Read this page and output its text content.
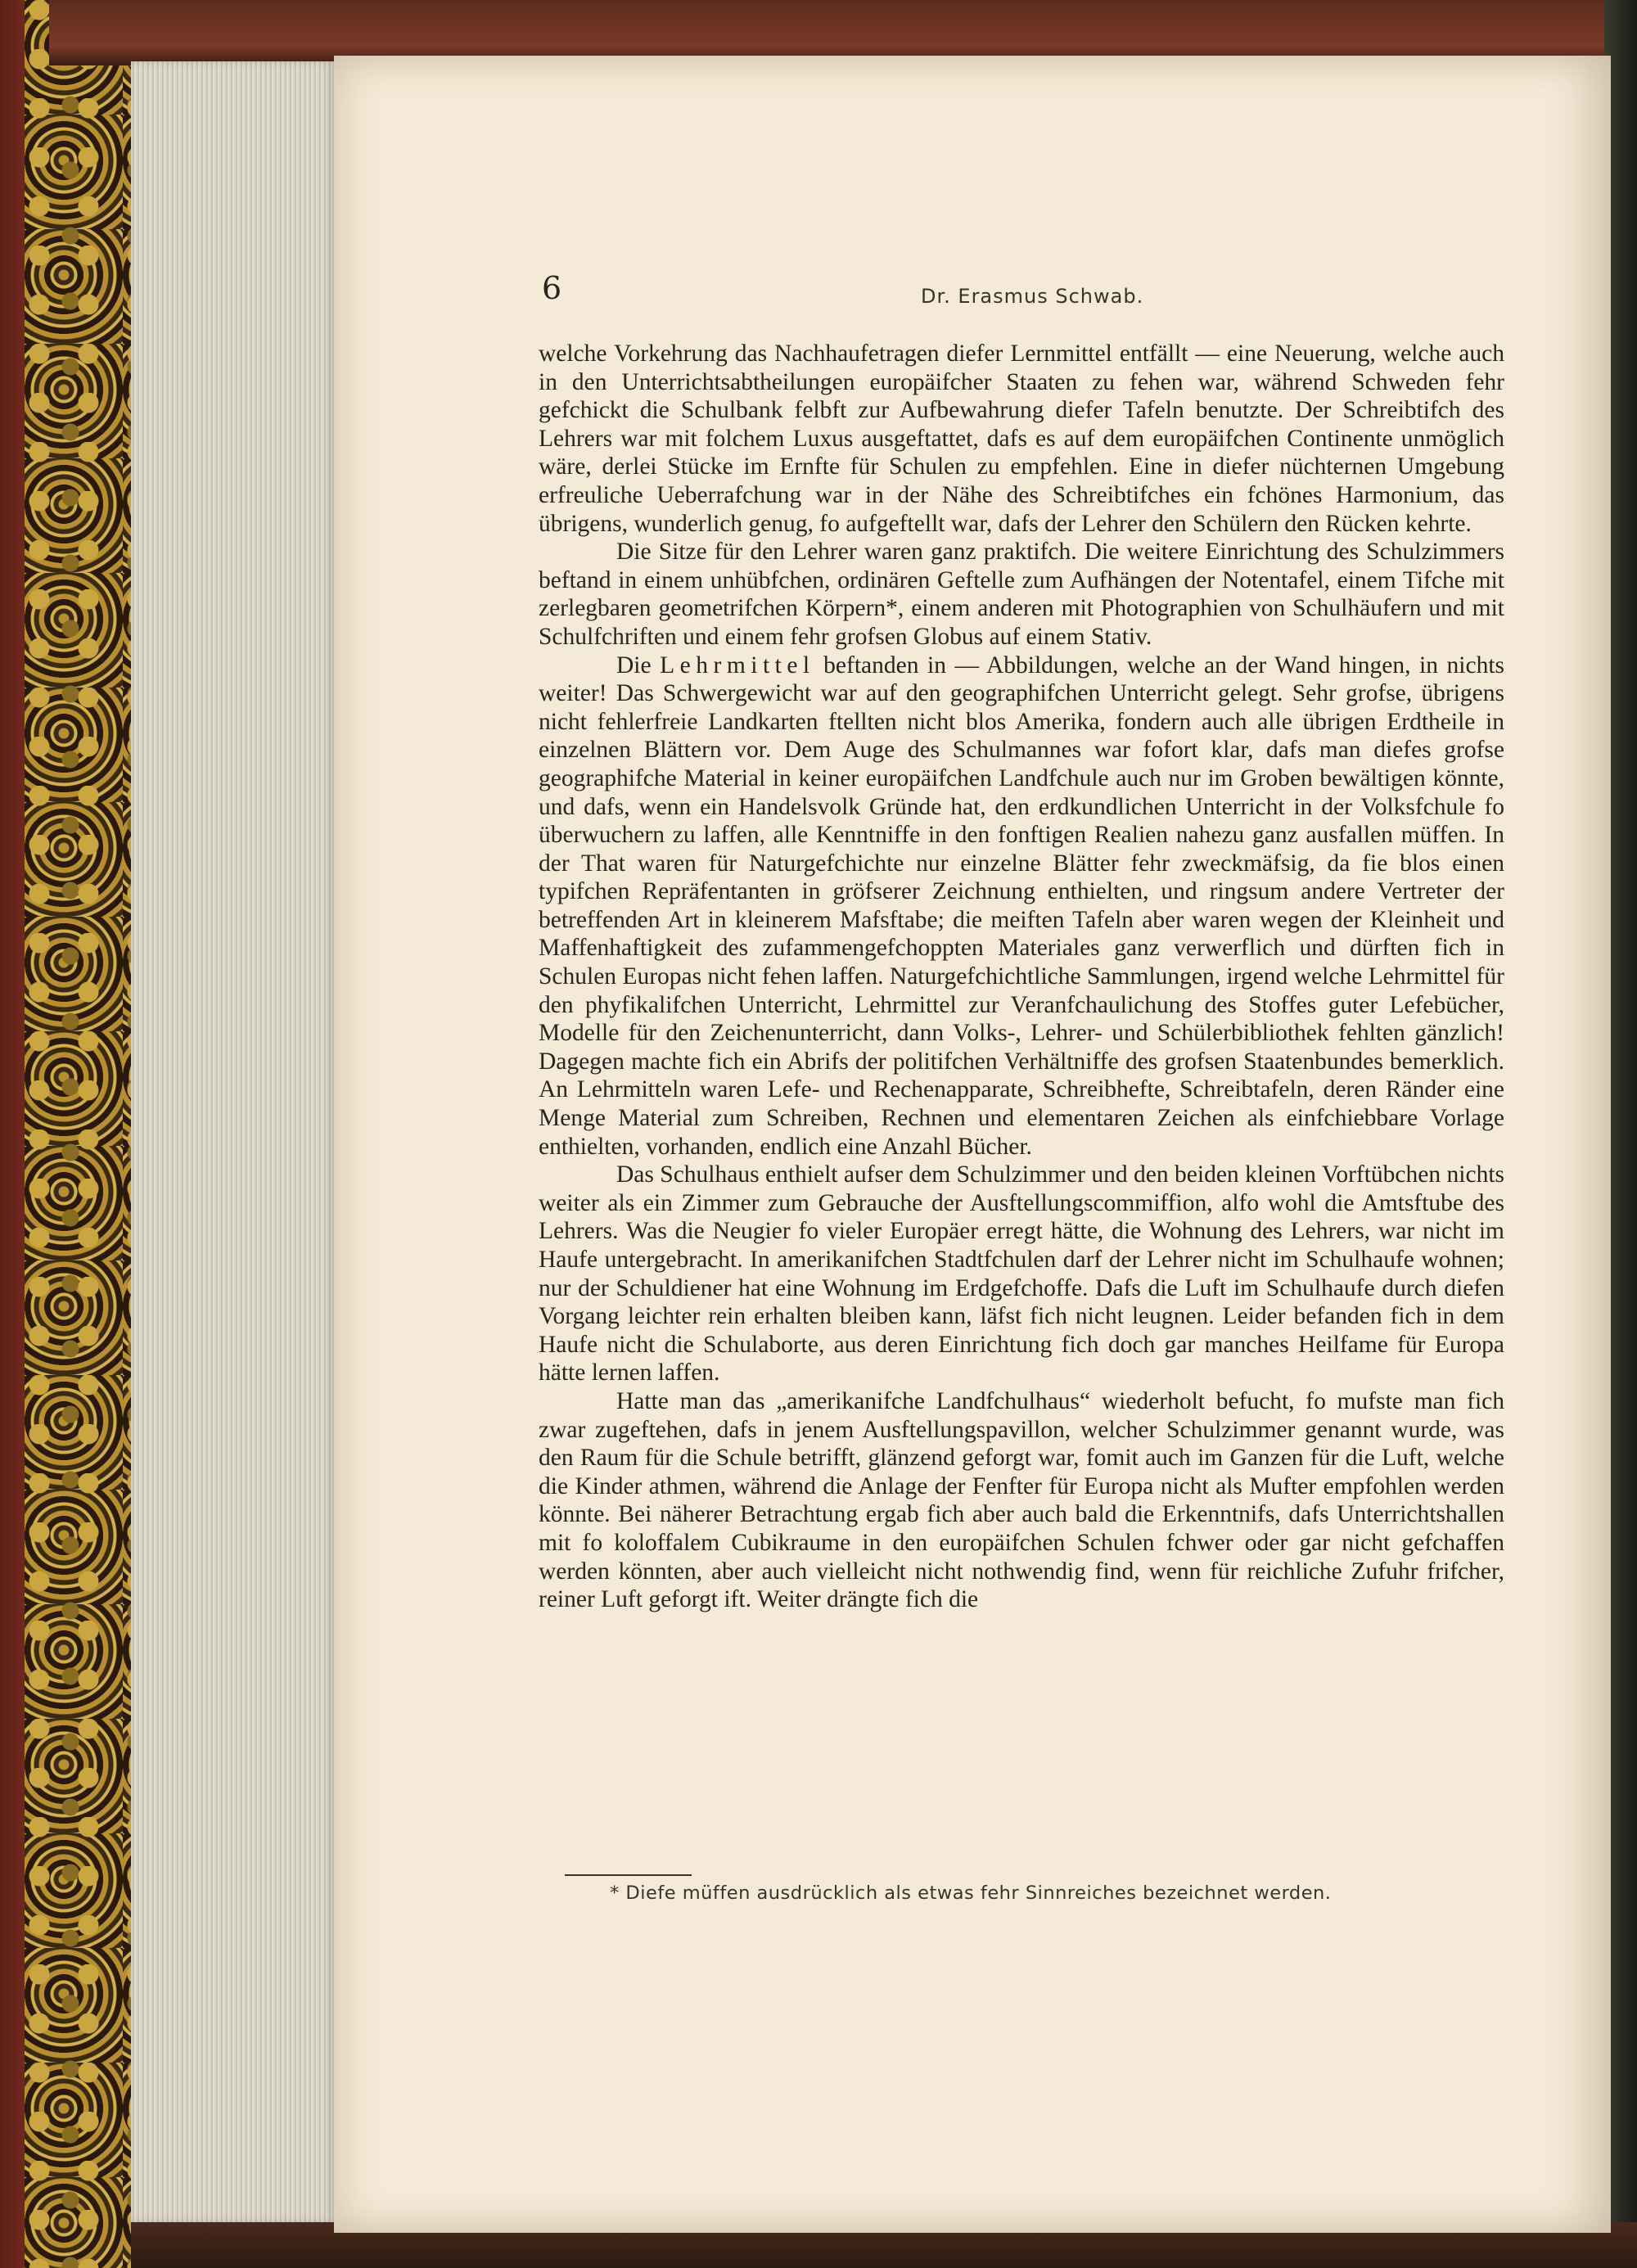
6	Dr. Erasmus Schwab.

welche Vorkehrung das Nachhaufetragen diefer Lernmittel entfällt — eine Neuerung, welche auch in den Unterrichtsabtheilungen europäifcher Staaten zu fehen war, während Schweden fehr gefchickt die Schulbank felbft zur Aufbewahrung diefer Tafeln benutzte. Der Schreibtifch des Lehrers war mit folchem Luxus ausgeftattet, dafs es auf dem europäifchen Continente unmöglich wäre, derlei Stücke im Ernfte für Schulen zu empfehlen. Eine in diefer nüchternen Umgebung erfreuliche Ueberrafchung war in der Nähe des Schreibtifches ein fchönes Harmonium, das übrigens, wunderlich genug, fo aufgeftellt war, dafs der Lehrer den Schülern den Rücken kehrte.

Die Sitze für den Lehrer waren ganz praktifch. Die weitere Einrichtung des Schulzimmers beftand in einem unhübfchen, ordinären Geftelle zum Aufhängen der Notentafel, einem Tifche mit zerlegbaren geometrifchen Körpern*, einem anderen mit Photographien von Schulhäufern und mit Schulfchriften und einem fehr grofsen Globus auf einem Stativ.

Die Lehrmittel beftanden in — Abbildungen, welche an der Wand hingen, in nichts weiter! Das Schwergewicht war auf den geographifchen Unterricht gelegt. Sehr grofse, übrigens nicht fehlerfreie Landkarten ftellten nicht blos Amerika, fondern auch alle übrigen Erdtheile in einzelnen Blättern vor. Dem Auge des Schulmannes war fofort klar, dafs man diefes grofse geographifche Material in keiner europäifchen Landfchule auch nur im Groben bewältigen könnte, und dafs, wenn ein Handelsvolk Gründe hat, den erdkundlichen Unterricht in der Volksfchule fo überwuchern zu laffen, alle Kenntniffe in den fonftigen Realien nahezu ganz ausfallen müffen. In der That waren für Naturgefchichte nur einzelne Blätter fehr zweckmäfsig, da fie blos einen typifchen Repräfentanten in gröfserer Zeichnung enthielten, und ringsum andere Vertreter der betreffenden Art in kleinerem Mafsftabe; die meiften Tafeln aber waren wegen der Kleinheit und Maffenhaftigkeit des zufammengefchoppten Materiales ganz verwerflich und dürften fich in Schulen Europas nicht fehen laffen. Naturgefchichtliche Sammlungen, irgend welche Lehrmittel für den phyfikalifchen Unterricht, Lehrmittel zur Veranfchaulichung des Stoffes guter Lefebücher, Modelle für den Zeichenunterricht, dann Volks-, Lehrer- und Schülerbibliothek fehlten gänzlich! Dagegen machte fich ein Abrifs der politifchen Verhältniffe des grofsen Staatenbundes bemerklich. An Lehrmitteln waren Lefe- und Rechenapparate, Schreibhefte, Schreibtafeln, deren Ränder eine Menge Material zum Schreiben, Rechnen und elementaren Zeichen als einfchiebbare Vorlage enthielten, vorhanden, endlich eine Anzahl Bücher.

Das Schulhaus enthielt aufser dem Schulzimmer und den beiden kleinen Vorftübchen nichts weiter als ein Zimmer zum Gebrauche der Ausftellungscommiffion, alfo wohl die Amtsftube des Lehrers. Was die Neugier fo vieler Europäer erregt hätte, die Wohnung des Lehrers, war nicht im Haufe untergebracht. In amerikanifchen Stadtfchulen darf der Lehrer nicht im Schulhaufe wohnen; nur der Schuldiener hat eine Wohnung im Erdgefchoffe. Dafs die Luft im Schulhaufe durch diefen Vorgang leichter rein erhalten bleiben kann, läfst fich nicht leugnen. Leider befanden fich in dem Haufe nicht die Schulaborte, aus deren Einrichtung fich doch gar manches Heilfame für Europa hätte lernen laffen.

Hatte man das „amerikanifche Landfchulhaus“ wiederholt befucht, fo mufste man fich zwar zugeftehen, dafs in jenem Ausftellungspavillon, welcher Schulzimmer genannt wurde, was den Raum für die Schule betrifft, glänzend geforgt war, fomit auch im Ganzen für die Luft, welche die Kinder athmen, während die Anlage der Fenfter für Europa nicht als Mufter empfohlen werden könnte. Bei näherer Betrachtung ergab fich aber auch bald die Erkenntnifs, dafs Unterrichtshallen mit fo koloffalem Cubikraume in den europäifchen Schulen fchwer oder gar nicht gefchaffen werden könnten, aber auch vielleicht nicht nothwendig find, wenn für reichliche Zufuhr frifcher, reiner Luft geforgt ift. Weiter drängte fich die

* Diefe müffen ausdrücklich als etwas fehr Sinnreiches bezeichnet werden.
